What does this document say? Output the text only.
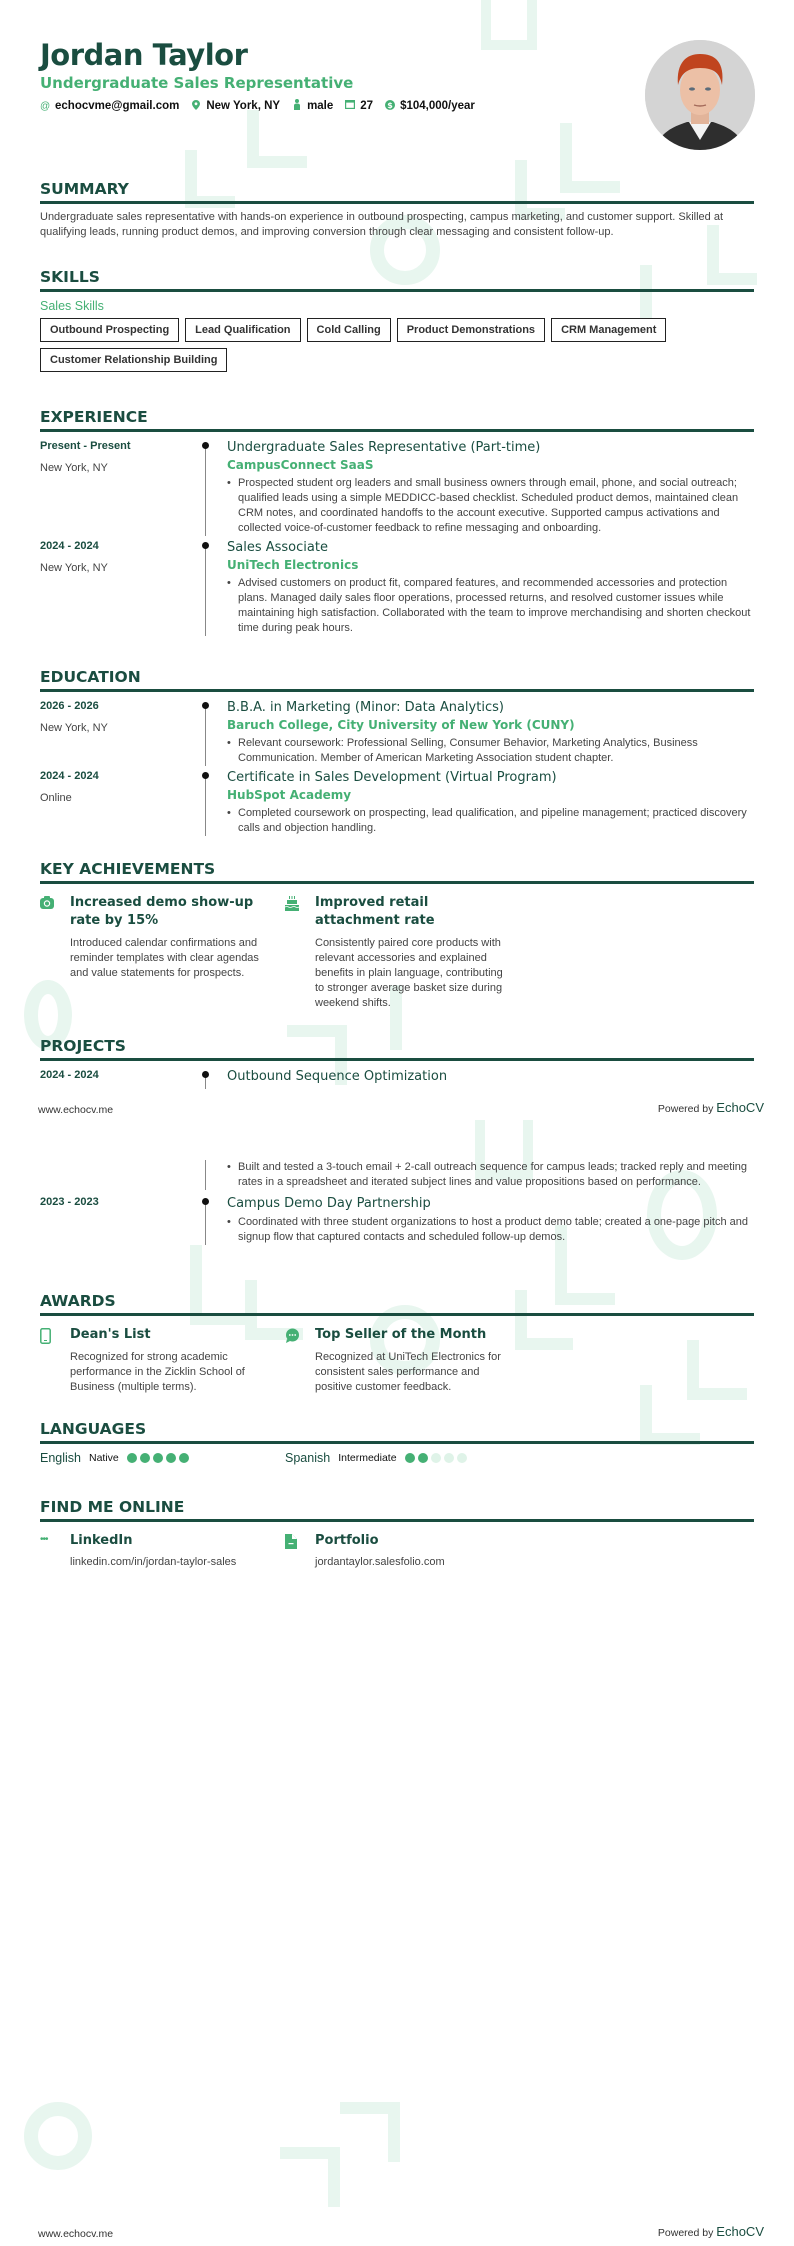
Jordan Taylor
Undergraduate Sales Representative
@ echocvme@gmail.com New York, NY male 27 $ $104,000/year
SUMMARY
Undergraduate sales representative with hands-on experience in outbound prospecting, campus marketing, and customer support. Skilled at qualifying leads, running product demos, and improving conversion through clear messaging and consistent follow-up.
SKILLS
Sales Skills
Outbound Prospecting	Lead Qualification	Cold Calling	Product Demonstrations	CRM Management
Customer Relationship Building
EXPERIENCE
Present - Present
New York, NY
Undergraduate Sales Representative (Part-time)
CampusConnect SaaS
• Prospected student org leaders and small business owners through email, phone, and social outreach; qualified leads using a simple MEDDICC-based checklist. Scheduled product demos, maintained clean CRM notes, and coordinated handoffs to the account executive. Supported campus activations and collected voice-of-customer feedback to refine messaging and onboarding.
2024 - 2024
New York, NY
Sales Associate
UniTech Electronics
• Advised customers on product fit, compared features, and recommended accessories and protection plans. Managed daily sales floor operations, processed returns, and resolved customer issues while maintaining high satisfaction. Collaborated with the team to improve merchandising and shorten checkout time during peak hours.
EDUCATION
2026 - 2026
New York, NY
B.B.A. in Marketing (Minor: Data Analytics)
Baruch College, City University of New York (CUNY)
• Relevant coursework: Professional Selling, Consumer Behavior, Marketing Analytics, Business Communication. Member of American Marketing Association student chapter.
2024 - 2024
Online
Certificate in Sales Development (Virtual Program)
HubSpot Academy
• Completed coursework on prospecting, lead qualification, and pipeline management; practiced discovery calls and objection handling.
KEY ACHIEVEMENTS
Increased demo show-up rate by 15%
Introduced calendar confirmations and reminder templates with clear agendas and value statements for prospects.
Improved retail attachment rate
Consistently paired core products with relevant accessories and explained benefits in plain language, contributing to stronger average basket size during weekend shifts.
PROJECTS
2024 - 2024	Outbound Sequence Optimization
www.echocv.me	Powered by EchoCV
• Built and tested a 3-touch email + 2-call outreach sequence for campus leads; tracked reply and meeting rates in a spreadsheet and iterated subject lines and value propositions based on performance.
2023 - 2023	Campus Demo Day Partnership
• Coordinated with three student organizations to host a product demo table; created a one-page pitch and signup flow that captured contacts and scheduled follow-up demos.
AWARDS
Dean's List
Recognized for strong academic performance in the Zicklin School of Business (multiple terms).
Top Seller of the Month
Recognized at UniTech Electronics for consistent sales performance and positive customer feedback.
LANGUAGES
English Native	Spanish Intermediate
FIND ME ONLINE
•••	LinkedIn
linkedin.com/in/jordan-taylor-sales
Portfolio
jordantaylor.salesfolio.com
www.echocv.me	Powered by EchoCV
